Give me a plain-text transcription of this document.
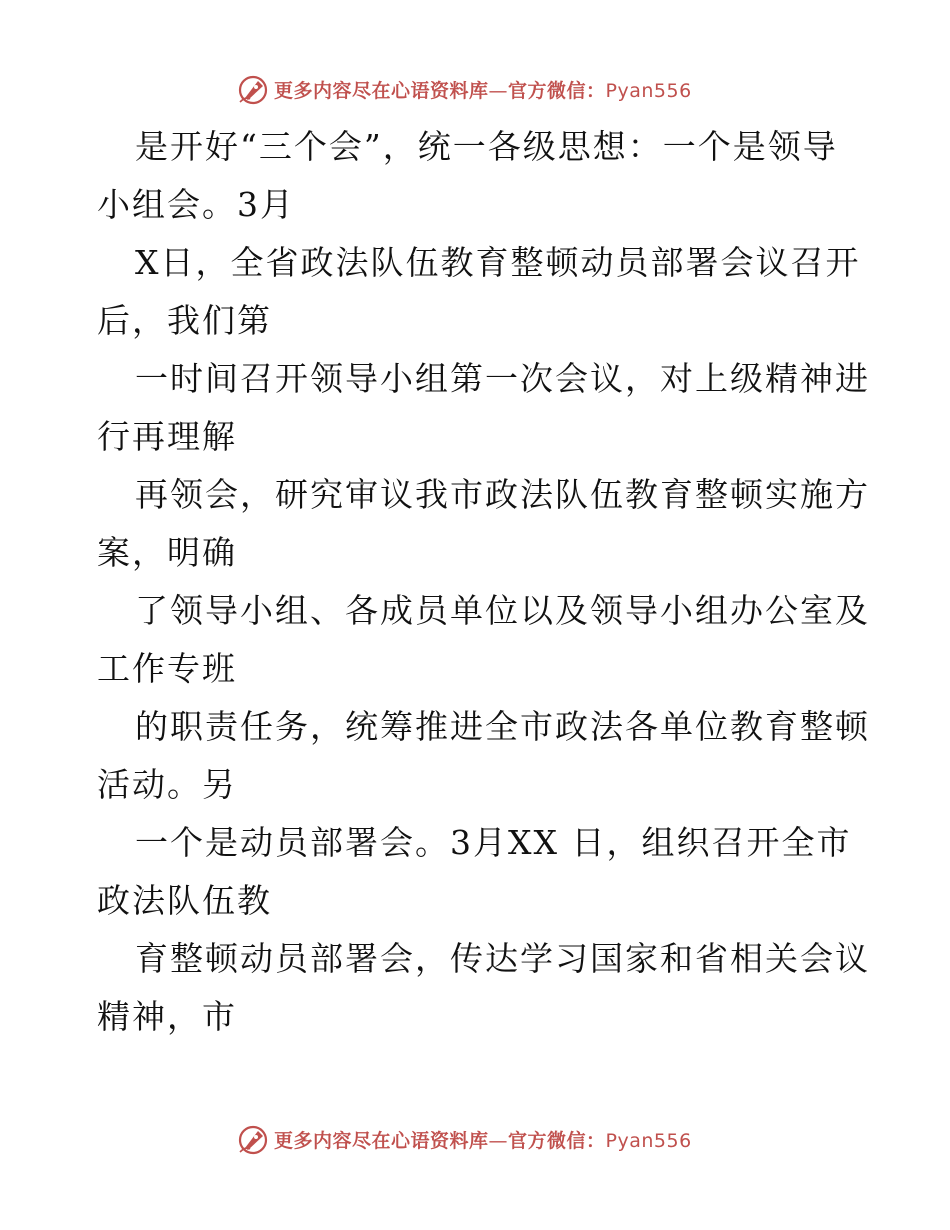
更多内容尽在心语资料库—官方微信：Pyan556
是开好“三个会”，统一各级思想：一个是领导
小组会。3月
X日，全省政法队伍教育整顿动员部署会议召开
后，我们第
一时间召开领导小组第一次会议，对上级精神进
行再理解
再领会，研究审议我市政法队伍教育整顿实施方
案，明确
了领导小组、各成员单位以及领导小组办公室及
工作专班
的职责任务，统筹推进全市政法各单位教育整顿
活动。另
一个是动员部署会。3月XX 日，组织召开全市
政法队伍教
育整顿动员部署会，传达学习国家和省相关会议
精神，市
更多内容尽在心语资料库—官方微信：Pyan556
